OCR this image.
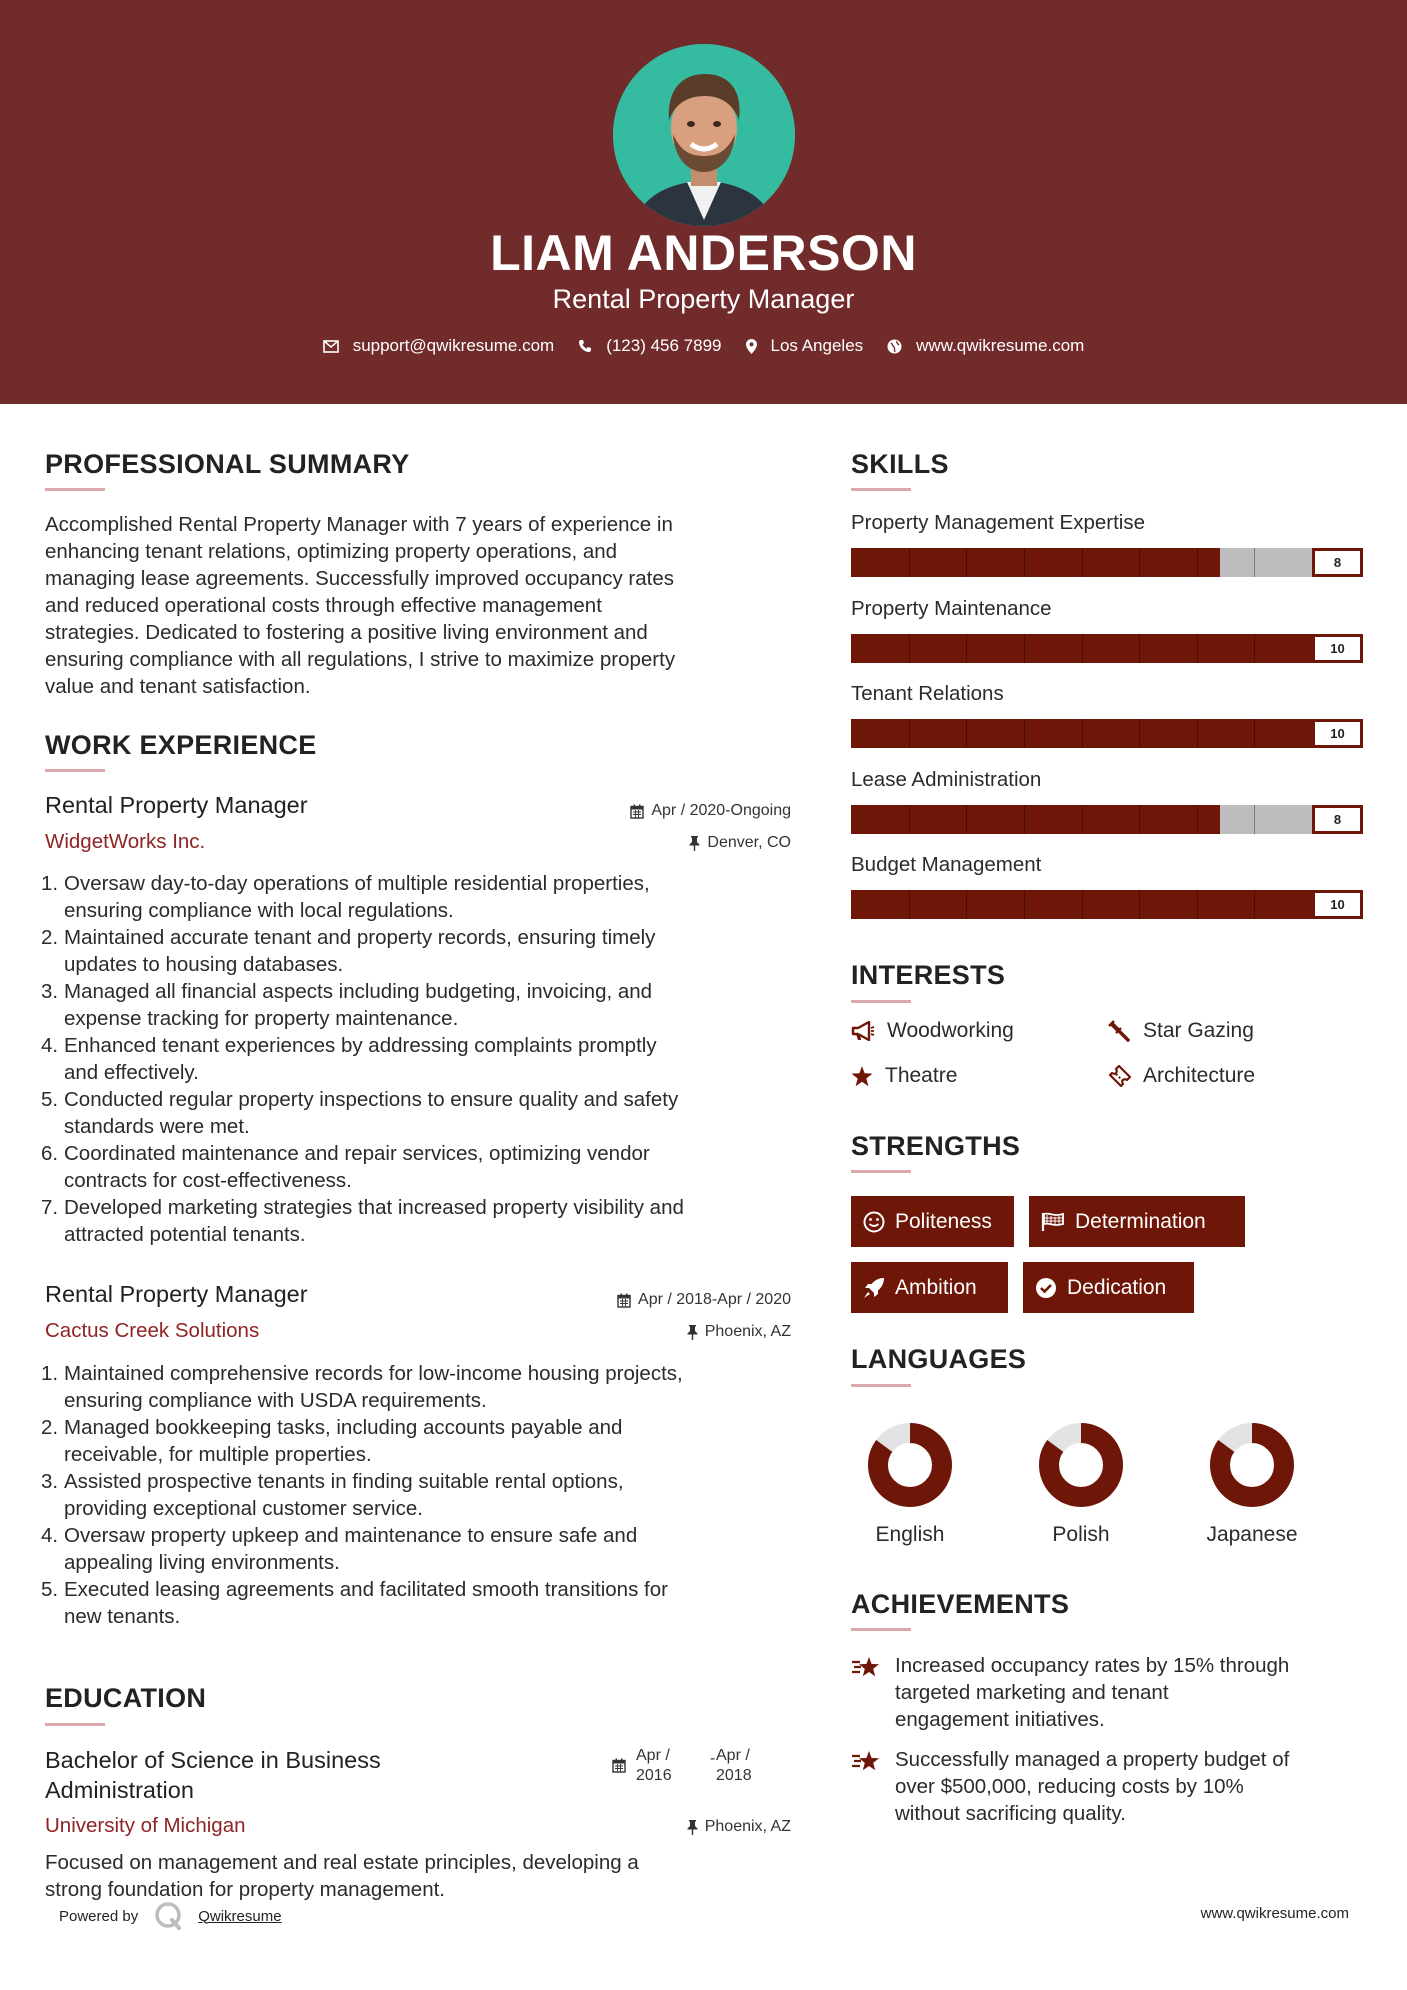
LIAM ANDERSON
Rental Property Manager
support@qwikresume.com	(123) 456 7899	Los Angeles	www.qwikresume.com
PROFESSIONAL SUMMARY
Accomplished Rental Property Manager with 7 years of experience in
enhancing tenant relations, optimizing property operations, and
managing lease agreements. Successfully improved occupancy rates
and reduced operational costs through effective management
strategies. Dedicated to fostering a positive living environment and
ensuring compliance with all regulations, I strive to maximize property
value and tenant satisfaction.
WORK EXPERIENCE
Rental Property Manager	Apr / 2020-Ongoing
WidgetWorks Inc.	Denver, CO
1. Oversaw day-to-day operations of multiple residential properties,
ensuring compliance with local regulations.
2. Maintained accurate tenant and property records, ensuring timely
updates to housing databases.
3. Managed all financial aspects including budgeting, invoicing, and
expense tracking for property maintenance.
4. Enhanced tenant experiences by addressing complaints promptly
and effectively.
5. Conducted regular property inspections to ensure quality and safety
standards were met.
6. Coordinated maintenance and repair services, optimizing vendor
contracts for cost-effectiveness.
7. Developed marketing strategies that increased property visibility and
attracted potential tenants.
Rental Property Manager	Apr / 2018-Apr / 2020
Cactus Creek Solutions	Phoenix, AZ
1. Maintained comprehensive records for low-income housing projects,
ensuring compliance with USDA requirements.
2. Managed bookkeeping tasks, including accounts payable and
receivable, for multiple properties.
3. Assisted prospective tenants in finding suitable rental options,
providing exceptional customer service.
4. Oversaw property upkeep and maintenance to ensure safe and
appealing living environments.
5. Executed leasing agreements and facilitated smooth transitions for
new tenants.
EDUCATION
Bachelor of Science in Business
Administration
Apr /
2016
- Apr /
2018
University of Michigan	Phoenix, AZ
Focused on management and real estate principles, developing a
strong foundation for property management.
SKILLS
Property Management Expertise
8
Property Maintenance
10
Tenant Relations
10
Lease Administration
8
Budget Management
10
INTERESTS
Woodworking	Star Gazing
Theatre	Architecture
STRENGTHS
Politeness	Determination
Ambition	Dedication
LANGUAGES
English	Polish	Japanese
ACHIEVEMENTS
Increased occupancy rates by 15% through
targeted marketing and tenant
engagement initiatives.
Successfully managed a property budget of
over $500,000, reducing costs by 10%
without sacrificing quality.
Powered by	Qwikresume	www.qwikresume.com
